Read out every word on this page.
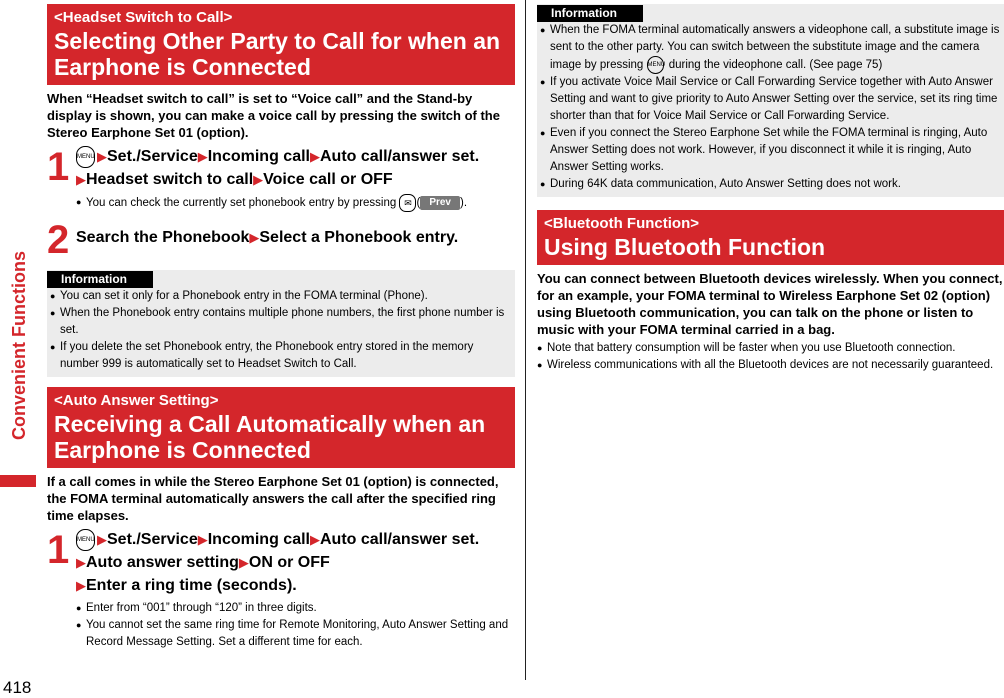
Convenient Functions
418
<Headset Switch to Call>
Selecting Other Party to Call for when an
Earphone is Connected
When “Headset switch to call” is set to “Voice call” and the Stand-by display is shown, you can make a voice call by pressing the switch of the Stereo Earphone Set 01 (option).
1 MENU ▶Set./Service▶Incoming call▶Auto call/answer set.
▶Headset switch to call▶Voice call or OFF
● You can check the currently set phonebook entry by pressing ✉ ( Prev ).
2 Search the Phonebook▶Select a Phonebook entry.
Information
● You can set it only for a Phonebook entry in the FOMA terminal (Phone).
● When the Phonebook entry contains multiple phone numbers, the first phone number is set.
● If you delete the set Phonebook entry, the Phonebook entry stored in the memory number 999 is automatically set to Headset Switch to Call.
<Auto Answer Setting>
Receiving a Call Automatically when an
Earphone is Connected
If a call comes in while the Stereo Earphone Set 01 (option) is connected, the FOMA terminal automatically answers the call after the specified ring time elapses.
1 MENU ▶Set./Service▶Incoming call▶Auto call/answer set.
▶Auto answer setting▶ON or OFF
▶Enter a ring time (seconds).
● Enter from “001” through “120” in three digits.
● You cannot set the same ring time for Remote Monitoring, Auto Answer Setting and Record Message Setting. Set a different time for each.
Information
● When the FOMA terminal automatically answers a videophone call, a substitute image is sent to the other party. You can switch between the substitute image and the camera image by pressing MENU during the videophone call. (See page 75)
● If you activate Voice Mail Service or Call Forwarding Service together with Auto Answer Setting and want to give priority to Auto Answer Setting over the service, set its ring time shorter than that for Voice Mail Service or Call Forwarding Service.
● Even if you connect the Stereo Earphone Set while the FOMA terminal is ringing, Auto Answer Setting does not work. However, if you disconnect it while it is ringing, Auto Answer Setting works.
● During 64K data communication, Auto Answer Setting does not work.
<Bluetooth Function>
Using Bluetooth Function
You can connect between Bluetooth devices wirelessly. When you connect, for an example, your FOMA terminal to Wireless Earphone Set 02 (option) using Bluetooth communication, you can talk on the phone or listen to music with your FOMA terminal carried in a bag.
● Note that battery consumption will be faster when you use Bluetooth connection.
● Wireless communications with all the Bluetooth devices are not necessarily guaranteed.
